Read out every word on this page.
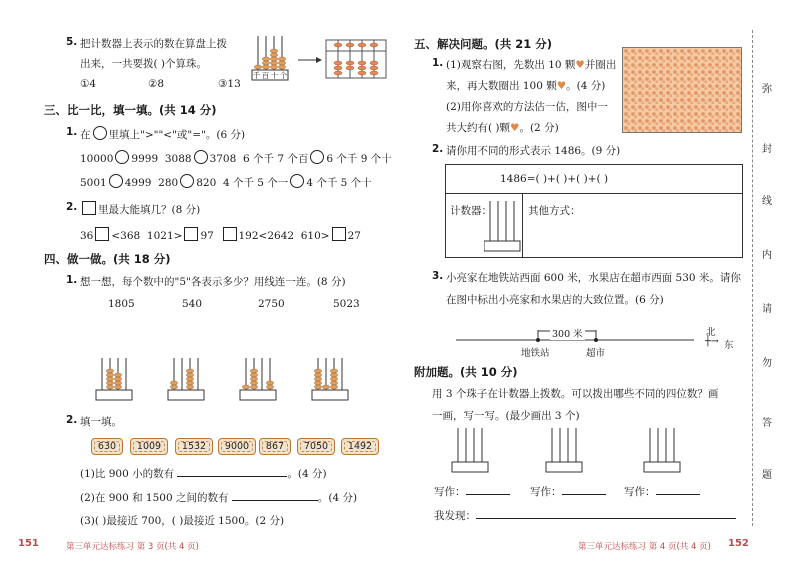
5. 把计数器上表示的数在算盘上拨
出来，一共要拨( )个算珠。
①4	②8	③13
千 百 十 个
三、比一比，填一填。(共 14 分)
1. 在 里填上">""<"或"="。(6 分)
10000 9999 3088 3708 6 个千 7 个百 6 个千 9 个十
5001 4999 280 820 4 个千 5 个一 4 个千 5 个十
2.	里最大能填几？(8 分)
36 <368 1021> 97 192<2642 610> 27
四、做一做。(共 18 分)
1. 想一想，每个数中的"5"各表示多少？用线连一连。(8 分)
1805	540	2750	5023
2. 填一填。
630	1009	1532	9000	867	7050	1492
(1)比 900 小的数有	。(4 分)
(2)在 900 和 1500 之间的数有	。(4 分)
(3)( )最接近 700，( )最接近 1500。(2 分)
151	第三单元达标练习 第 3 页(共 4 页)
五、解决问题。(共 21 分)
1. (1)观察右图，先数出 10 颗♥并圈出
来，再大数圈出 100 颗♥。(4 分)
(2)用你喜欢的方法估一估，图中一
共大约有( )颗♥。(2 分)
2. 请你用不同的形式表示 1486。(9 分)
1486=( )+( )+( )+( )
计数器：	其他方式：
3. 小亮家在地铁站西面 600 米，水果店在超市西面 530 米。请你
在图中标出小亮家和水果店的大致位置。(6 分)
300 米
地铁站	超市
北
┼→ 东
附加题。(共 10 分)
用 3 个珠子在计数器上拨数。可以拨出哪些不同的四位数？画
一画，写一写。(最少画出 3 个)
写作：	写作：	写作：
我发现：
第三单元达标练习 第 4 页(共 4 页) 152
弥
封
线
内
请
勿
答
题
